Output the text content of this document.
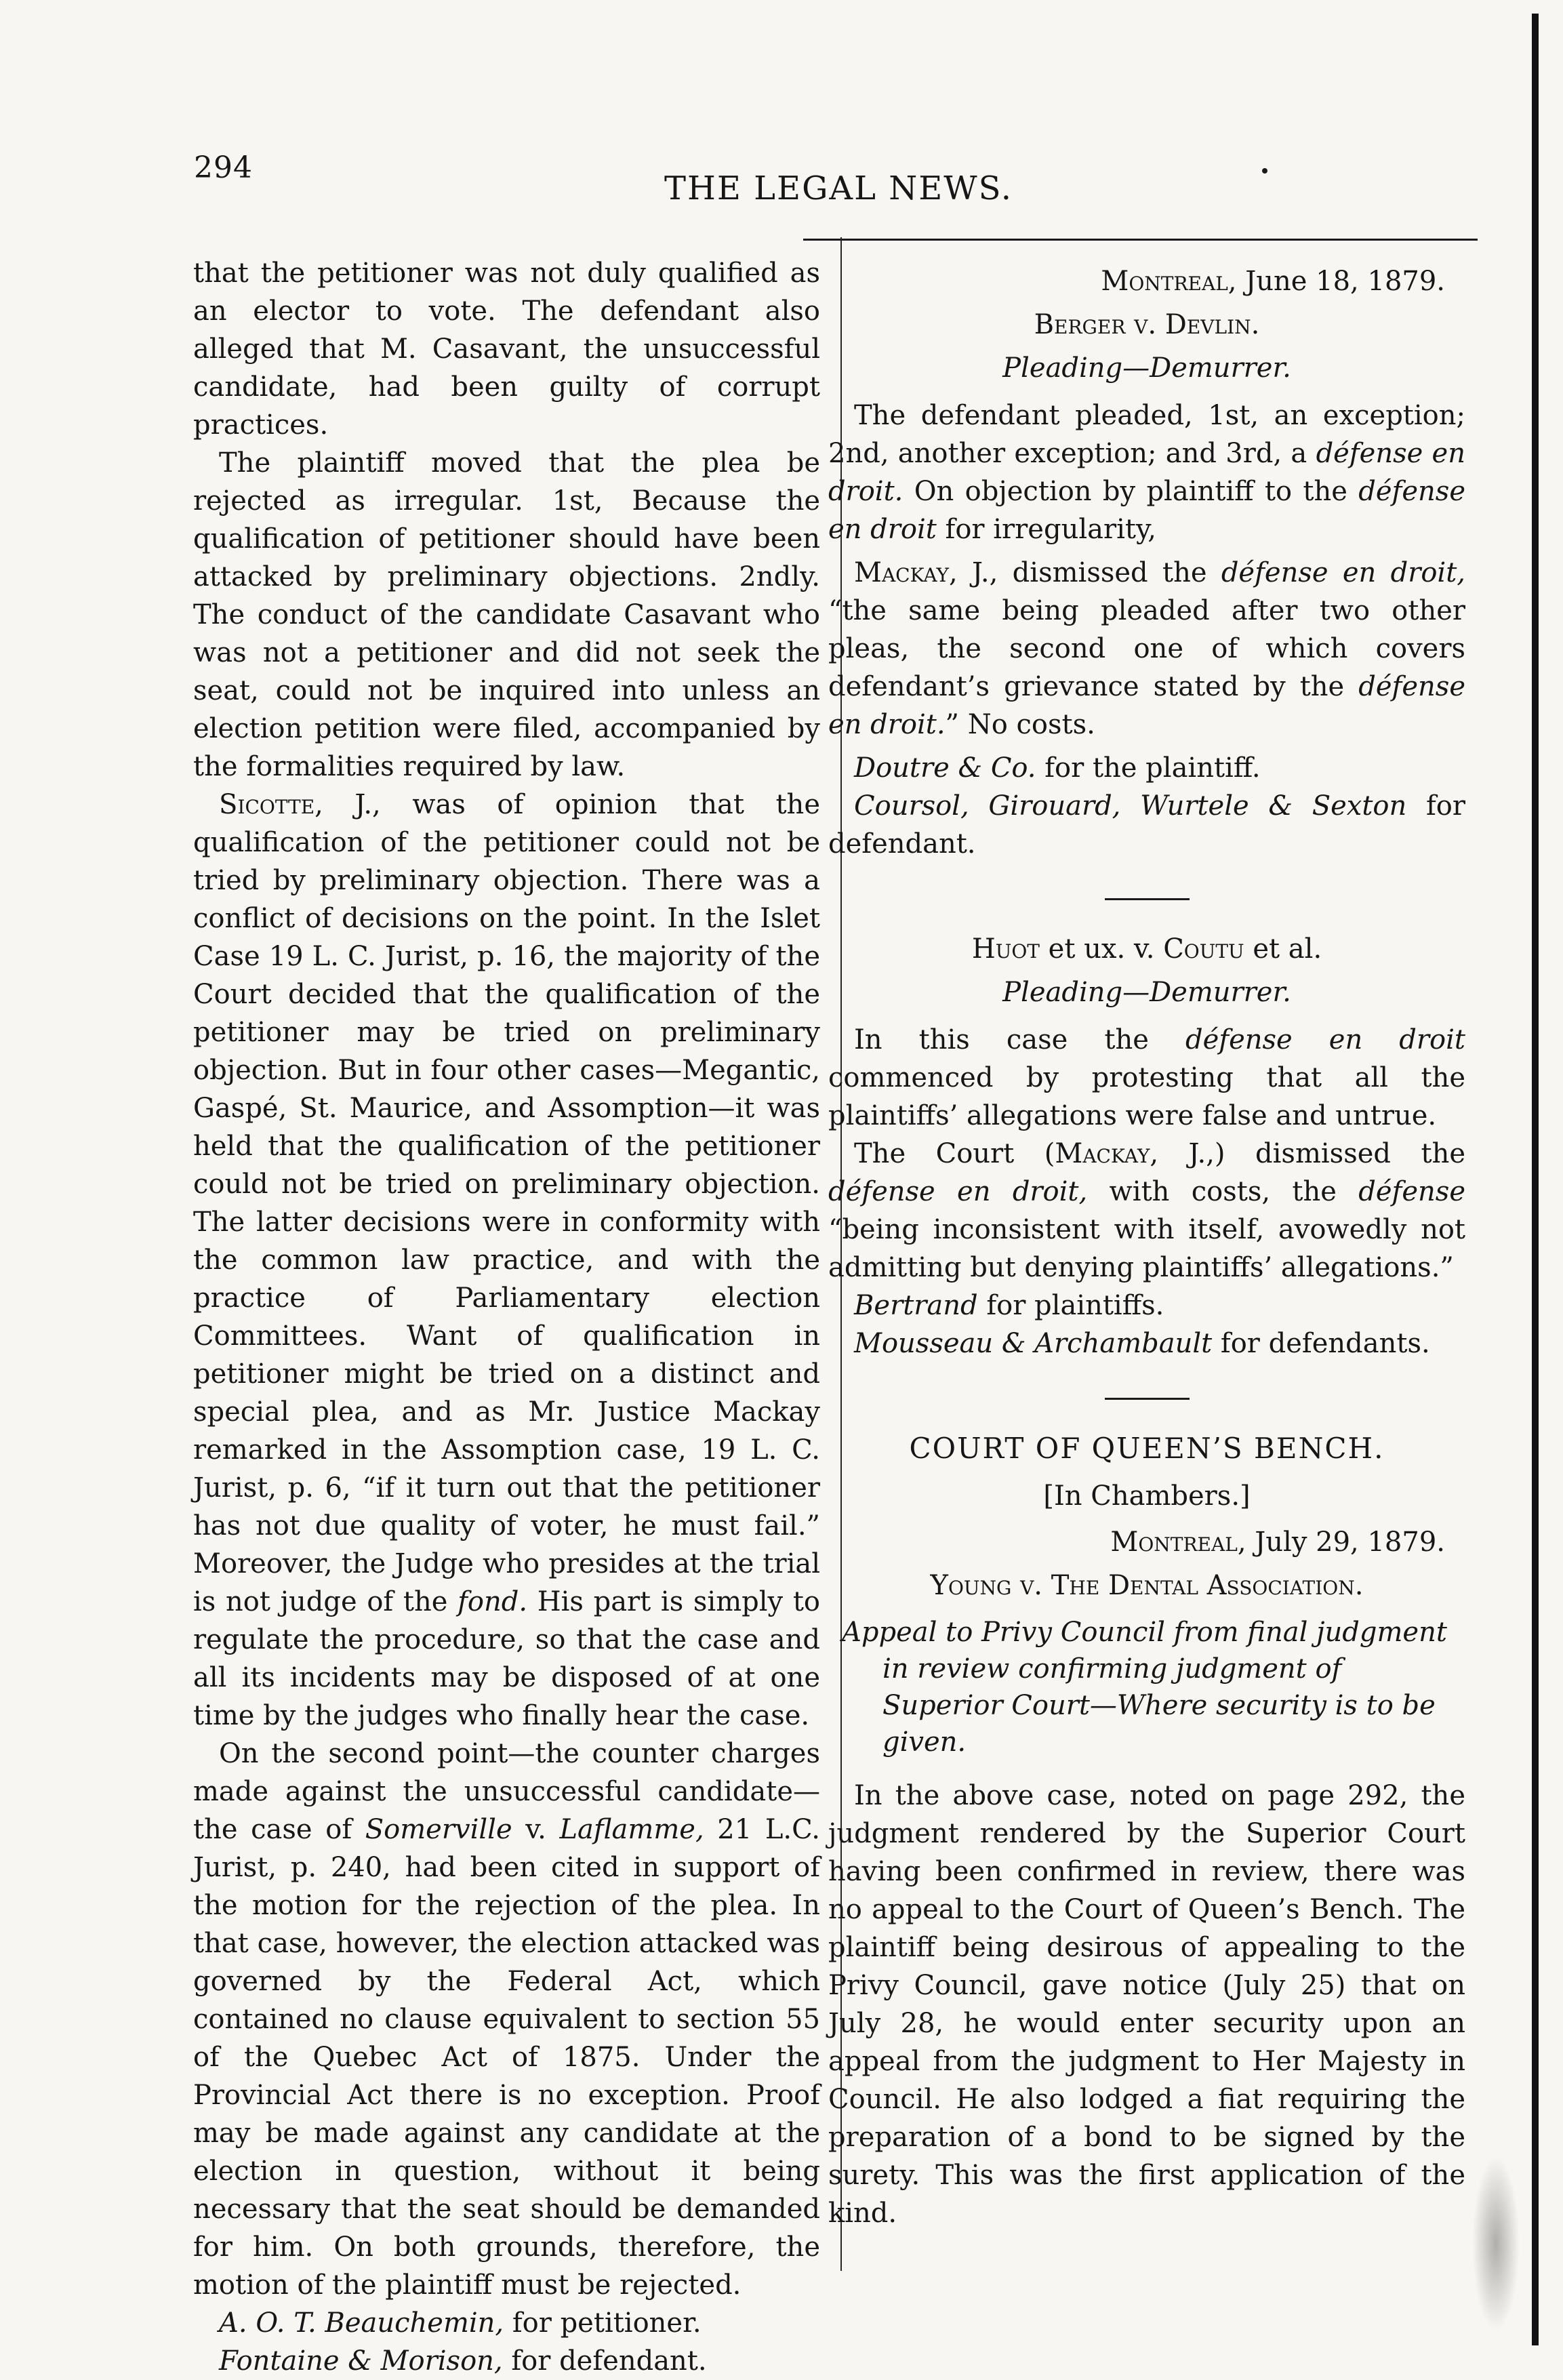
294
THE LEGAL NEWS.

that the petitioner was not duly qualified as an elector to vote. The defendant also alleged that M. Casavant, the unsuccessful candidate, had been guilty of corrupt practices.

The plaintiff moved that the plea be rejected as irregular. 1st, Because the qualification of petitioner should have been attacked by preliminary objections. 2ndly. The conduct of the candidate Casavant who was not a petitioner and did not seek the seat, could not be inquired into unless an election petition were filed, accompanied by the formalities required by law.

Sicotte, J., was of opinion that the qualification of the petitioner could not be tried by preliminary objection. There was a conflict of decisions on the point. In the Islet Case 19 L. C. Jurist, p. 16, the majority of the Court decided that the qualification of the petitioner may be tried on preliminary objection. But in four other cases—Megantic, Gaspé, St. Maurice, and Assomption—it was held that the qualification of the petitioner could not be tried on preliminary objection. The latter decisions were in conformity with the common law practice, and with the practice of Parliamentary election Committees. Want of qualification in petitioner might be tried on a distinct and special plea, and as Mr. Justice Mackay remarked in the Assomption case, 19 L. C. Jurist, p. 6, “if it turn out that the petitioner has not due quality of voter, he must fail.” Moreover, the Judge who presides at the trial is not judge of the fond. His part is simply to regulate the procedure, so that the case and all its incidents may be disposed of at one time by the judges who finally hear the case.

On the second point—the counter charges made against the unsuccessful candidate—the case of Somerville v. Laflamme, 21 L.C. Jurist, p. 240, had been cited in support of the motion for the rejection of the plea. In that case, however, the election attacked was governed by the Federal Act, which contained no clause equivalent to section 55 of the Quebec Act of 1875. Under the Provincial Act there is no exception. Proof may be made against any candidate at the election in question, without it being necessary that the seat should be demanded for him. On both grounds, therefore, the motion of the plaintiff must be rejected.

A. O. T. Beauchemin, for petitioner.

Fontaine & Morison, for defendant.

Montreal, June 18, 1879.

Berger v. Devlin.

Pleading—Demurrer.

The defendant pleaded, 1st, an exception; 2nd, another exception; and 3rd, a défense en droit. On objection by plaintiff to the défense en droit for irregularity,

Mackay, J., dismissed the défense en droit, “the same being pleaded after two other pleas, the second one of which covers defendant’s grievance stated by the défense en droit.” No costs.

Doutre & Co. for the plaintiff.

Coursol, Girouard, Wurtele & Sexton for defendant.

Huot et ux. v. Coutu et al.

Pleading—Demurrer.

In this case the défense en droit commenced by protesting that all the plaintiffs’ allegations were false and untrue.

The Court (Mackay, J.,) dismissed the défense en droit, with costs, the défense “being inconsistent with itself, avowedly not admitting but denying plaintiffs’ allegations.”

Bertrand for plaintiffs.

Mousseau & Archambault for defendants.

COURT OF QUEEN’S BENCH.

[In Chambers.]

Montreal, July 29, 1879.

Young v. The Dental Association.

Appeal to Privy Council from final judgment in review confirming judgment of Superior Court—Where security is to be given.

In the above case, noted on page 292, the judgment rendered by the Superior Court having been confirmed in review, there was no appeal to the Court of Queen’s Bench. The plaintiff being desirous of appealing to the Privy Council, gave notice (July 25) that on July 28, he would enter security upon an appeal from the judgment to Her Majesty in Council. He also lodged a fiat requiring the preparation of a bond to be signed by the surety. This was the first application of the kind.
